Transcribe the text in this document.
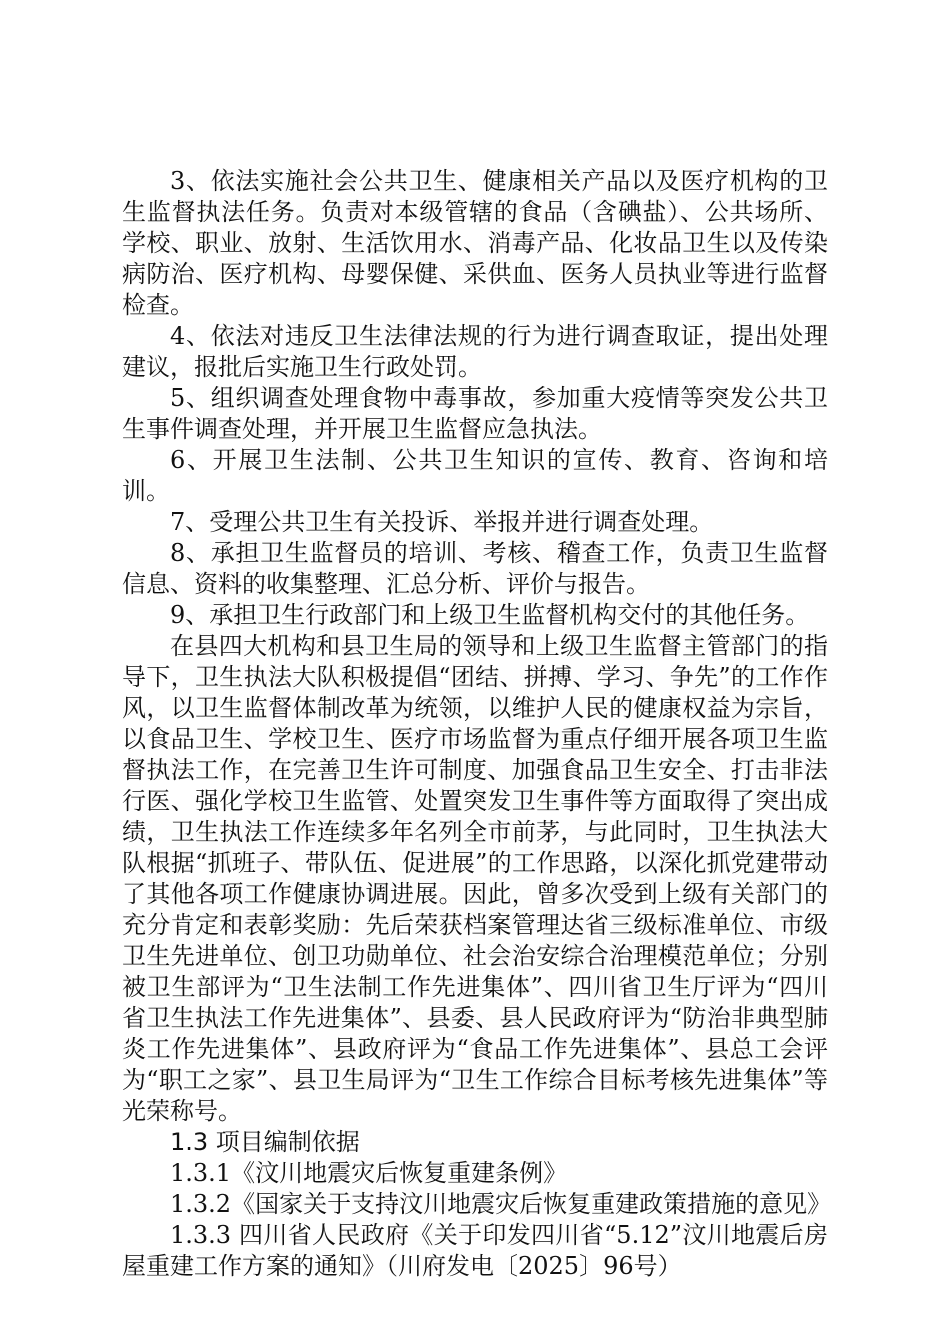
3、依法实施社会公共卫生、健康相关产品以及医疗机构的卫生监督执法任务。负责对本级管辖的食品（含碘盐）、公共场所、学校、职业、放射、生活饮用水、消毒产品、化妆品卫生以及传染病防治、医疗机构、母婴保健、采供血、医务人员执业等进行监督检查。

4、依法对违反卫生法律法规的行为进行调查取证，提出处理建议，报批后实施卫生行政处罚。

5、组织调查处理食物中毒事故，参加重大疫情等突发公共卫生事件调查处理，并开展卫生监督应急执法。

6、开展卫生法制、公共卫生知识的宣传、教育、咨询和培训。

7、受理公共卫生有关投诉、举报并进行调查处理。

8、承担卫生监督员的培训、考核、稽查工作，负责卫生监督信息、资料的收集整理、汇总分析、评价与报告。

9、承担卫生行政部门和上级卫生监督机构交付的其他任务。

在县四大机构和县卫生局的领导和上级卫生监督主管部门的指导下，卫生执法大队积极提倡“团结、拼搏、学习、争先”的工作作风，以卫生监督体制改革为统领，以维护人民的健康权益为宗旨，以食品卫生、学校卫生、医疗市场监督为重点仔细开展各项卫生监督执法工作，在完善卫生许可制度、加强食品卫生安全、打击非法行医、强化学校卫生监管、处置突发卫生事件等方面取得了突出成绩，卫生执法工作连续多年名列全市前茅，与此同时，卫生执法大队根据“抓班子、带队伍、促进展”的工作思路，以深化抓党建带动了其他各项工作健康协调进展。因此，曾多次受到上级有关部门的充分肯定和表彰奖励：先后荣获档案管理达省三级标准单位、市级卫生先进单位、创卫功勋单位、社会治安综合治理模范单位；分别被卫生部评为“卫生法制工作先进集体”、四川省卫生厅评为“四川省卫生执法工作先进集体”、县委、县人民政府评为“防治非典型肺炎工作先进集体”、县政府评为“食品工作先进集体”、县总工会评为“职工之家”、县卫生局评为“卫生工作综合目标考核先进集体”等光荣称号。

1.3 项目编制依据

1.3.1《汶川地震灾后恢复重建条例》

1.3.2《国家关于支持汶川地震灾后恢复重建政策措施的意见》

1.3.3 四川省人民政府《关于印发四川省“5.12”汶川地震后房屋重建工作方案的通知》（川府发电〔2025〕96号）
